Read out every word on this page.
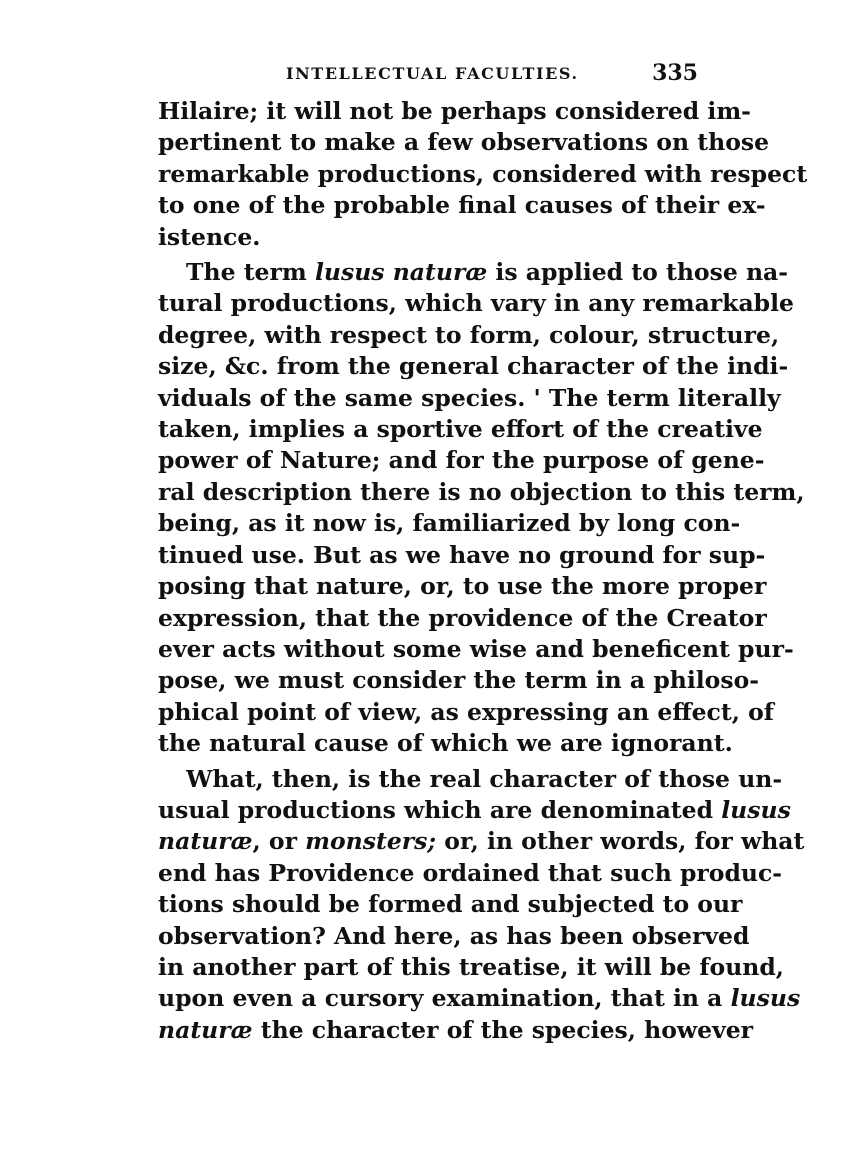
INTELLECTUAL FACULTIES.	335
Hilaire; it will not be perhaps considered im-
pertinent to make a few observations on those
remarkable productions, considered with respect
to one of the probable final causes of their ex-
istence.
The term lusus naturæ is applied to those na-
tural productions, which vary in any remarkable
degree, with respect to form, colour, structure,
size, &c. from the general character of the indi-
viduals of the same species. ' The term literally
taken, implies a sportive effort of the creative
power of Nature; and for the purpose of gene-
ral description there is no objection to this term,
being, as it now is, familiarized by long con-
tinued use. But as we have no ground for sup-
posing that nature, or, to use the more proper
expression, that the providence of the Creator
ever acts without some wise and beneficent pur-
pose, we must consider the term in a philoso-
phical point of view, as expressing an effect, of
the natural cause of which we are ignorant.
What, then, is the real character of those un-
usual productions which are denominated lusus
naturæ, or monsters; or, in other words, for what
end has Providence ordained that such produc-
tions should be formed and subjected to our
observation? And here, as has been observed
in another part of this treatise, it will be found,
upon even a cursory examination, that in a lusus
naturæ the character of the species, however
